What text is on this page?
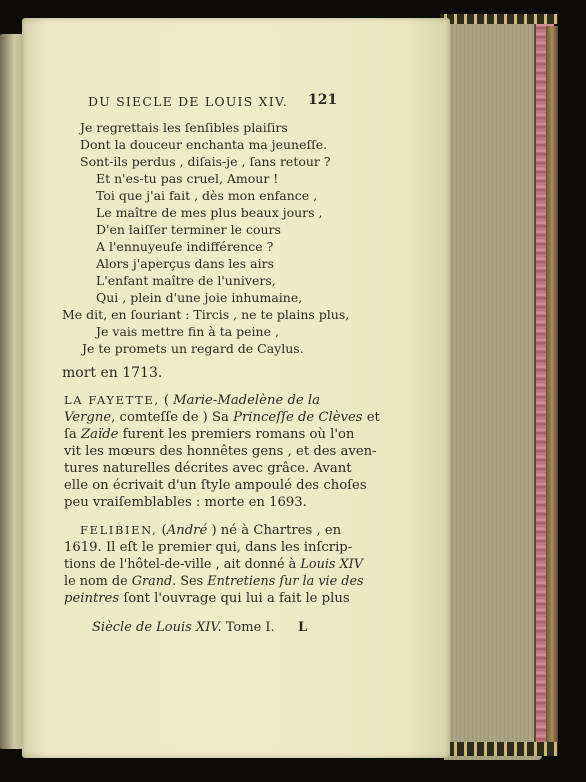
DU SIECLE DE LOUIS XIV. 121
Je regrettais les ſenſibles plaiſirs
Dont la douceur enchanta ma jeuneſſe.
Sont-ils perdus , diſais-je , ſans retour ?
Et n'es-tu pas cruel, Amour !
Toi que j'ai fait , dès mon enfance ,
Le maître de mes plus beaux jours ,
D'en laiſſer terminer le cours
A l'ennuyeuſe indifférence ?
Alors j'aperçus dans les airs
L'enfant maître de l'univers,
Qui , plein d'une joie inhumaine,
Me dit, en ſouriant : Tircis , ne te plains plus,
Je vais mettre fin à ta peine ,
Je te promets un regard de Caylus.
mort en 1713.
LA FAYETTE, ( Marie-Madelène de la
Vergne, comteſſe de ) Sa Princeſſe de Clèves et
ſa Zaïde furent les premiers romans où l'on
vit les mœurs des honnêtes gens , et des aven-
tures naturelles décrites avec grâce. Avant
elle on écrivait d'un ſtyle ampoulé des choſes
peu vraiſemblables : morte en 1693.
FELIBIEN, (André ) né à Chartres , en
1619. Il eſt le premier qui, dans les inſcrip-
tions de l'hôtel-de-ville , ait donné à Louis XIV
le nom de Grand. Ses Entretiens ſur la vie des
peintres ſont l'ouvrage qui lui a fait le plus
Siècle de Louis XIV. Tome I. L
